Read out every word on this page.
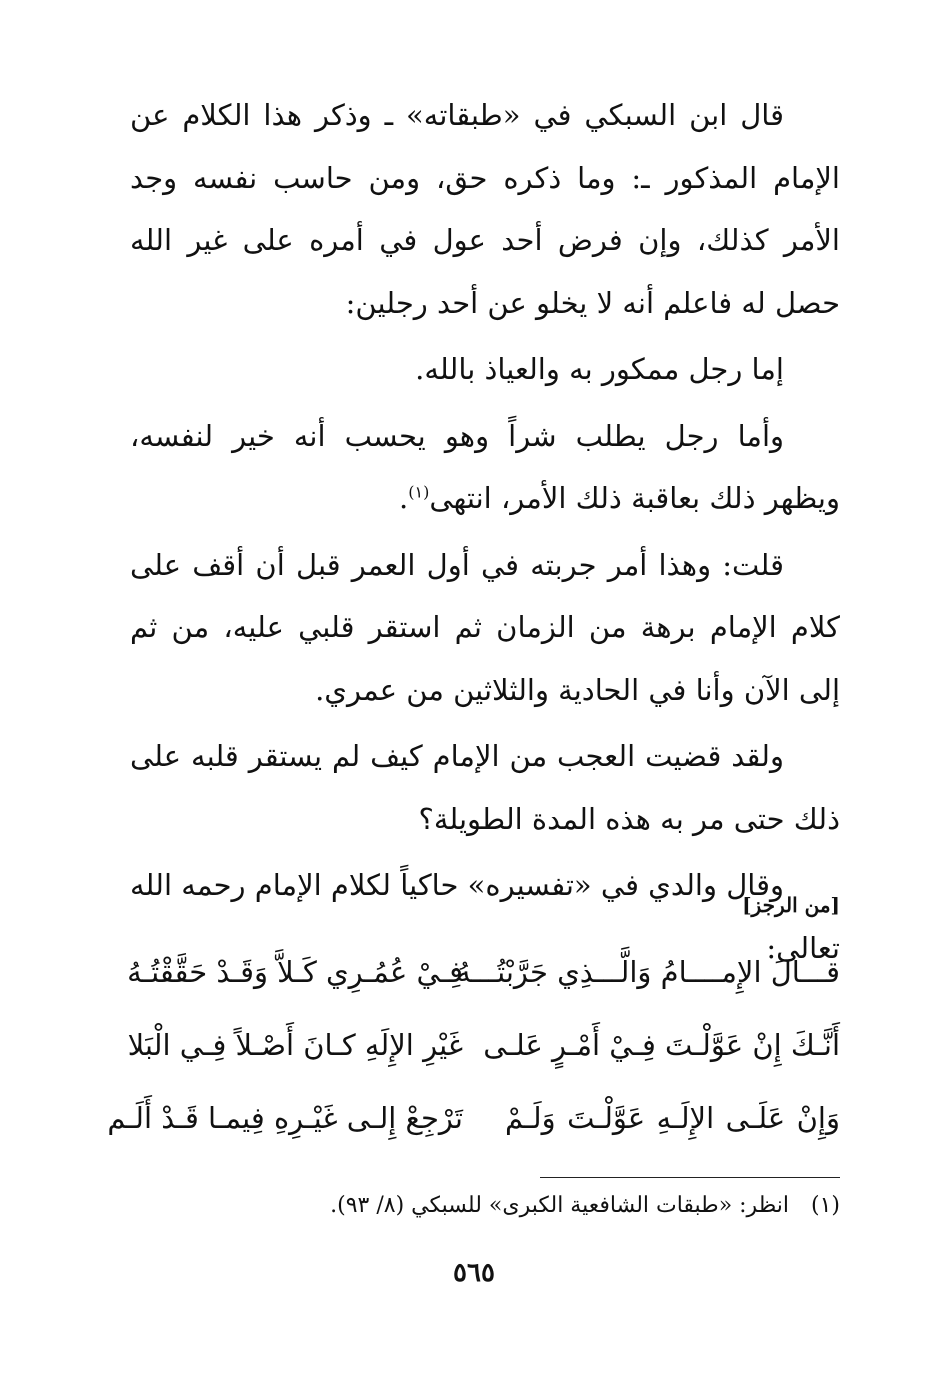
قال ابن السبكي في «طبقاته» ـ وذكر هذا الكلام عن الإمام المذكور ـ: وما ذكره حق، ومن حاسب نفسه وجد الأمر كذلك، وإن فرض أحد عول في أمره على غير الله حصل له فاعلم أنه لا يخلو عن أحد رجلين:

إما رجل ممكور به والعياذ بالله.

وأما رجل يطلب شراً وهو يحسب أنه خير لنفسه، ويظهر ذلك بعاقبة ذلك الأمر، انتهى$^{(١)}$.

قلت: وهذا أمر جربته في أول العمر قبل أن أقف على كلام الإمام برهة من الزمان ثم استقر قلبي عليه، من ثم إلى الآن وأنا في الحادية والثلاثين من عمري.

ولقد قضيت العجب من الإمام كيف لم يستقر قلبه على ذلك حتى مر به هذه المدة الطويلة؟

وقال والدي في «تفسيره» حاكياً لكلام الإمام رحمه الله تعالى:

[من الرجز]
قـــالَ الإِمــــامُ وَالَّـــذِي جَرَّبْتُـــهُ
فِـيْ عُمُـرِي كَـلاَّ وَقَـدْ حَقَّقْتُـهُ
أَنَّـكَ إِنْ عَوَّلْـتَ فِـيْ أَمْـرٍ عَلـى
غَيْرِ الإِلَهِ كـانَ أَصْـلاً فِـي الْبَلا
وَإِنْ عَلَـى الإِلَـهِ عَوَّلْـتَ وَلَـمْ
تَرْجِعْ إِلـى غَيْـرِهِ فِيمـا قَـدْ أَلَـم
(١)انظر: «طبقات الشافعية الكبرى» للسبكي (٨/ ٩٣).
٥٦٥
